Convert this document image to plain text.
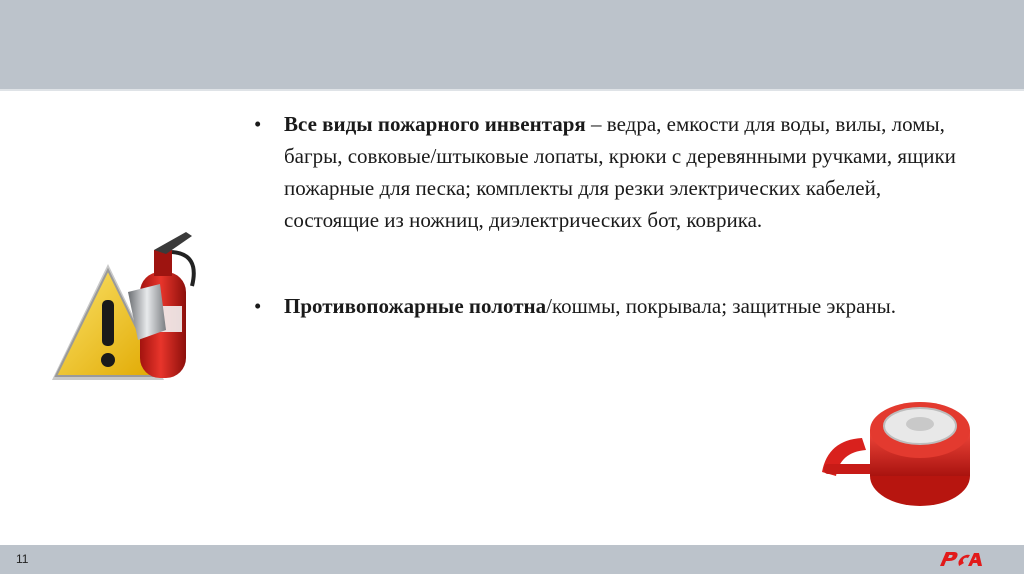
• Все виды пожарного инвентаря – ведра, емкости для воды, вилы, ломы, багры, совковые/штыковые лопаты, крюки с деревянными ручками, ящики пожарные для песка; комплекты для резки электрических кабелей, состоящие из ножниц, диэлектрических бот, коврика.
• Противопожарные полотна/кошмы, покрывала; защитные экраны.
11
